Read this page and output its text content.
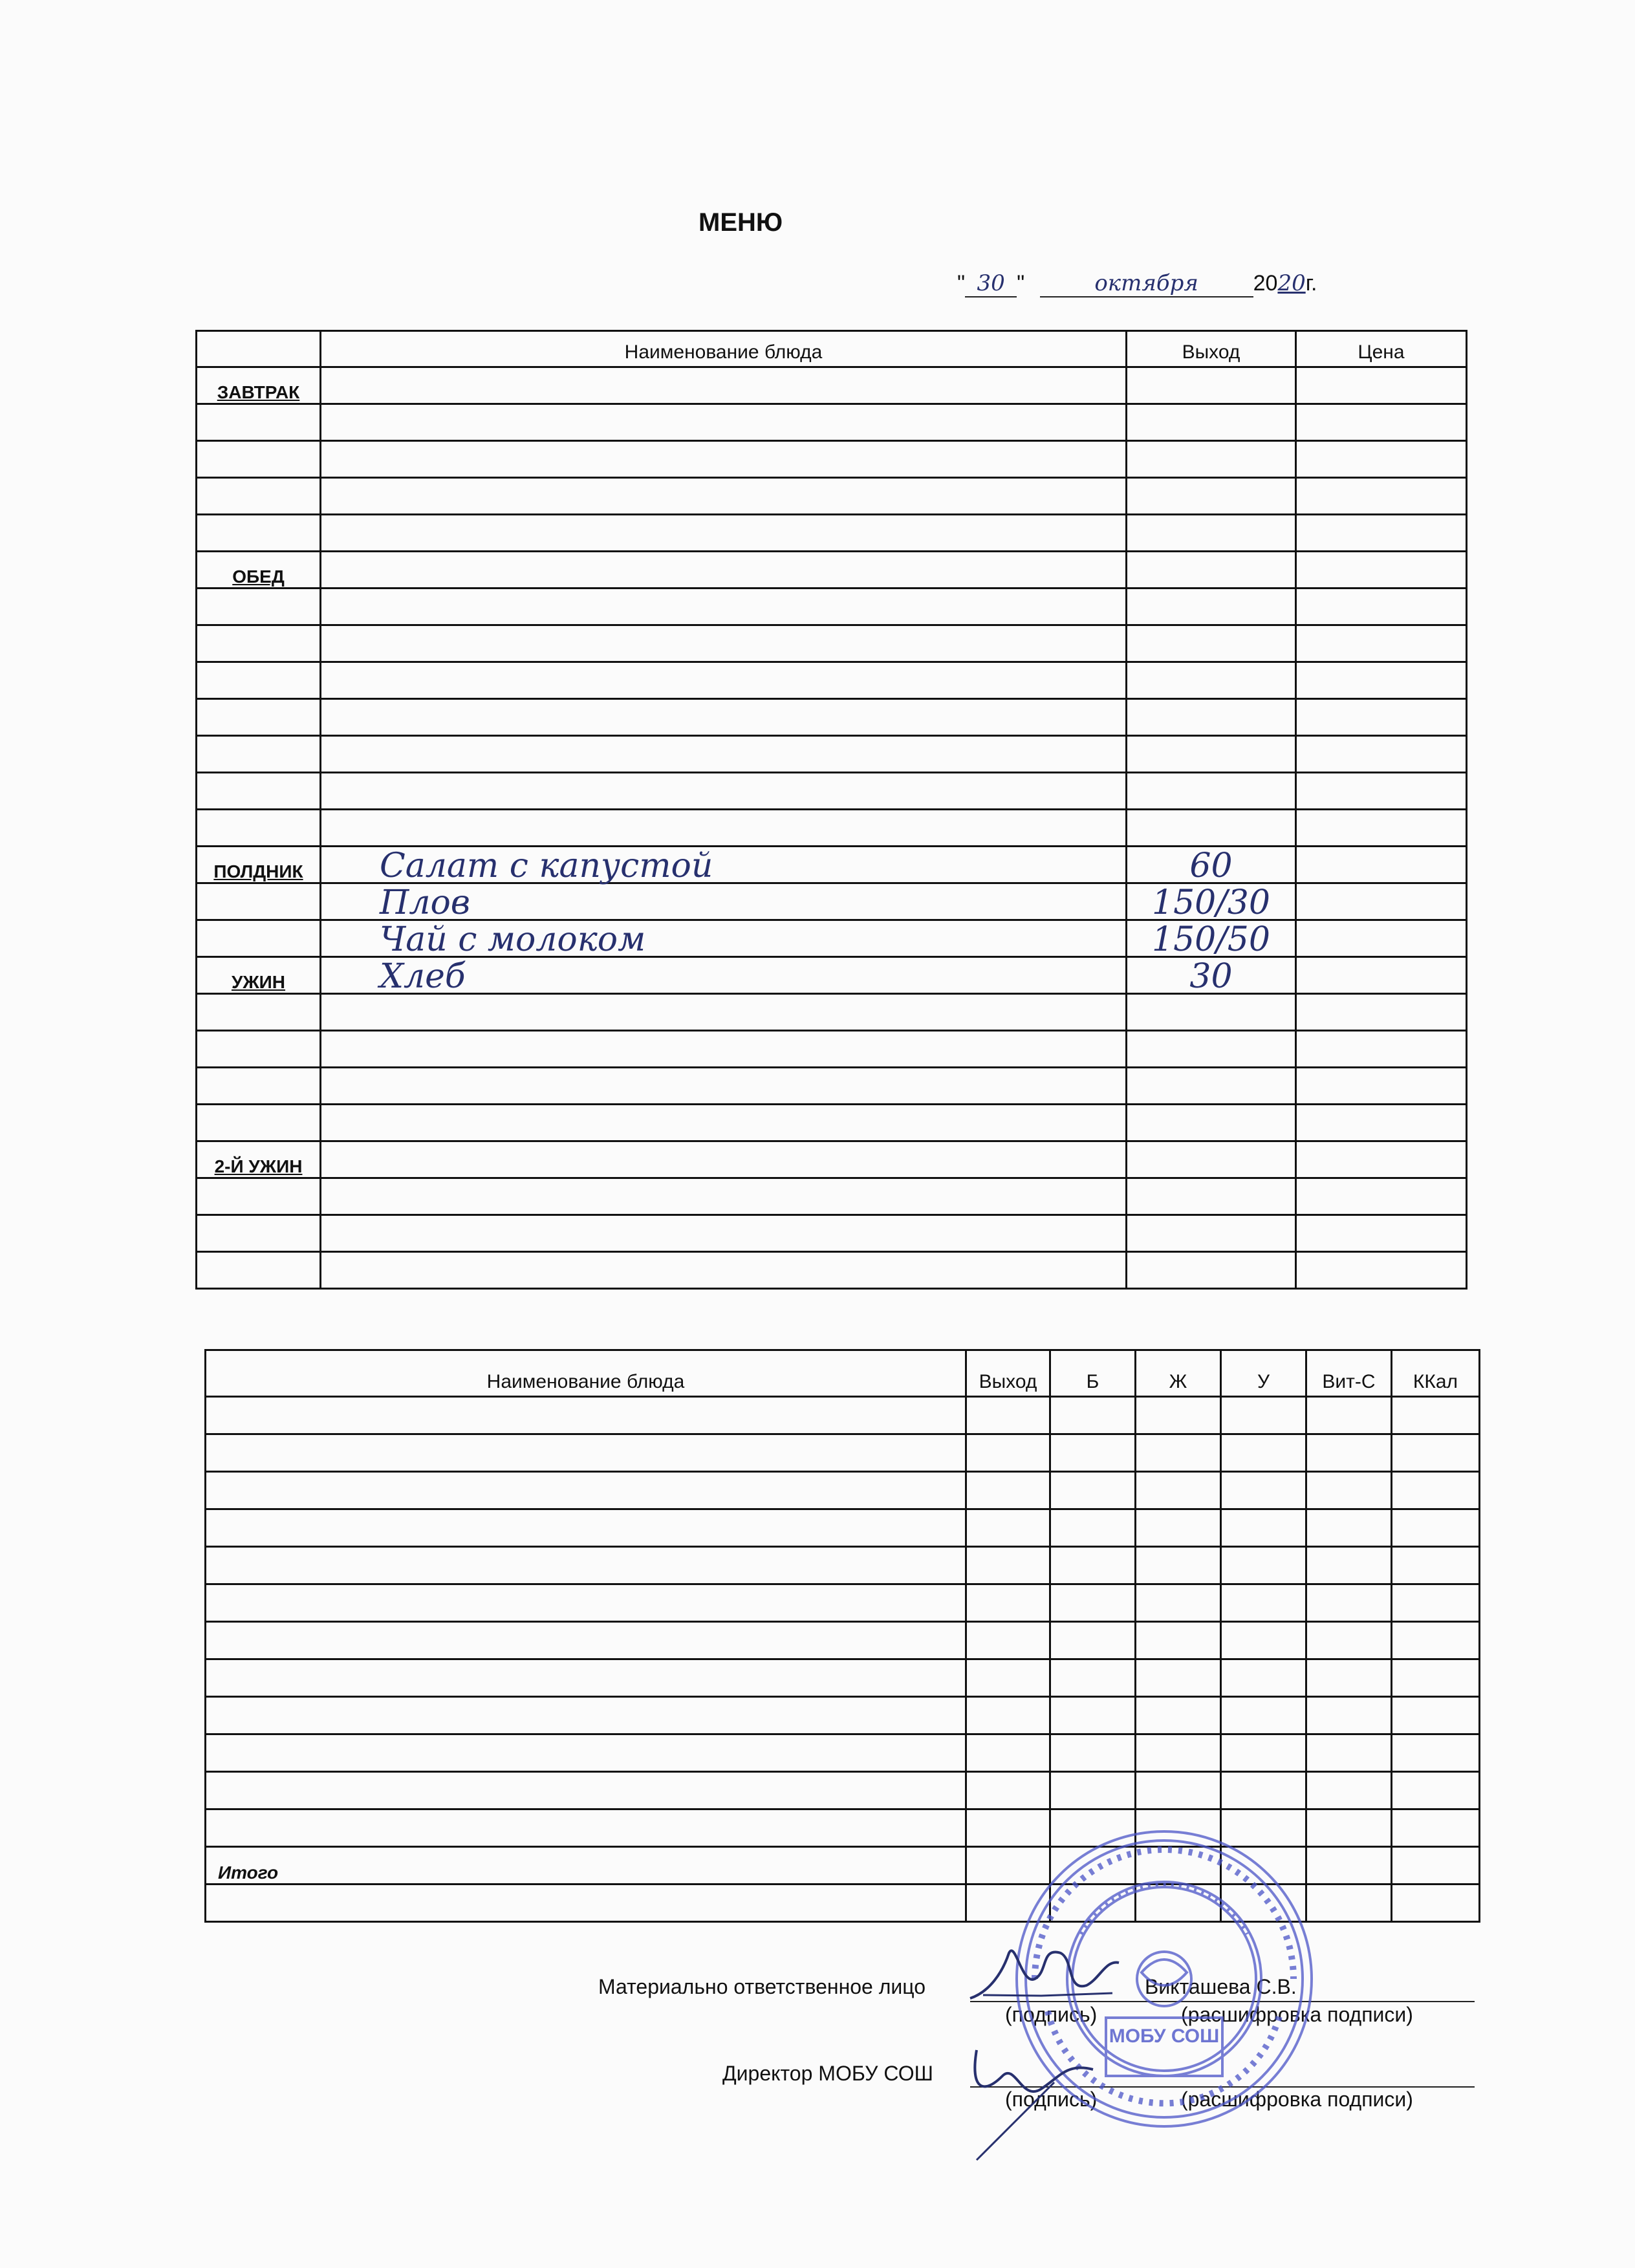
МЕНЮ
" 30 "	октября 2020г.
	Наименование блюда	Выход	Цена
ЗАВТРАК			

ОБЕД			

ПОЛДНИК	Салат с капустой	60	
	Плов	150/30	
	Чай с молоком	150/50	
УЖИН	Хлеб	30	

2-Й УЖИН			

Наименование блюда	Выход	Б	Ж	У	Вит-С	ККал

Итого						

Материально ответственное лицо	Викташева С.В.
(подпись)	(расшифровка подписи)
Директор МОБУ СОШ
(подпись)	(расшифровка подписи)
МОБУ СОШ
